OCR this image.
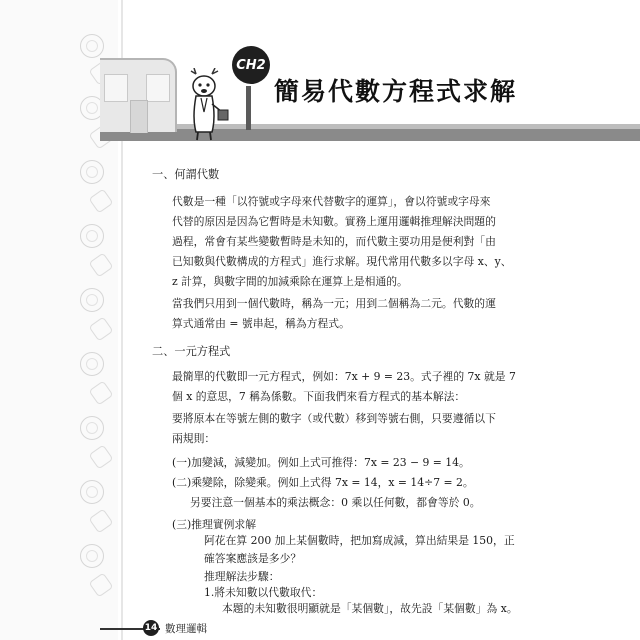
CH2
簡易代數方程式求解
一、何謂代數
代數是一種「以符號或字母來代替數字的運算」，會以符號或字母來
代替的原因是因為它暫時是未知數。實務上運用邏輯推理解決問題的
過程，常會有某些變數暫時是未知的，而代數主要功用是便利對「由
已知數與代數構成的方程式」進行求解。現代常用代數多以字母 x、y、
z 計算，與數字間的加減乘除在運算上是相通的。
當我們只用到一個代數時，稱為一元；用到二個稱為二元。代數的運
算式通常由 = 號串起，稱為方程式。
二、一元方程式
最簡單的代數即一元方程式，例如：7x + 9 = 23。式子裡的 7x 就是 7
個 x 的意思，7 稱為係數。下面我們來看方程式的基本解法：
要將原本在等號左側的數字（或代數）移到等號右側，只要遵循以下
兩規則：
(一)加變減，減變加。例如上式可推得：7x = 23 − 9 = 14。
(二)乘變除，除變乘。例如上式得 7x = 14，x = 14÷7 = 2。
另要注意一個基本的乘法概念：0 乘以任何數，都會等於 0。
(三)推理實例求解
阿花在算 200 加上某個數時，把加寫成減，算出結果是 150，正
確答案應該是多少？
推理解法步驟：
1.將未知數以代數取代：
本題的未知數很明顯就是「某個數」，故先設「某個數」為 x。
14 數理邏輯
